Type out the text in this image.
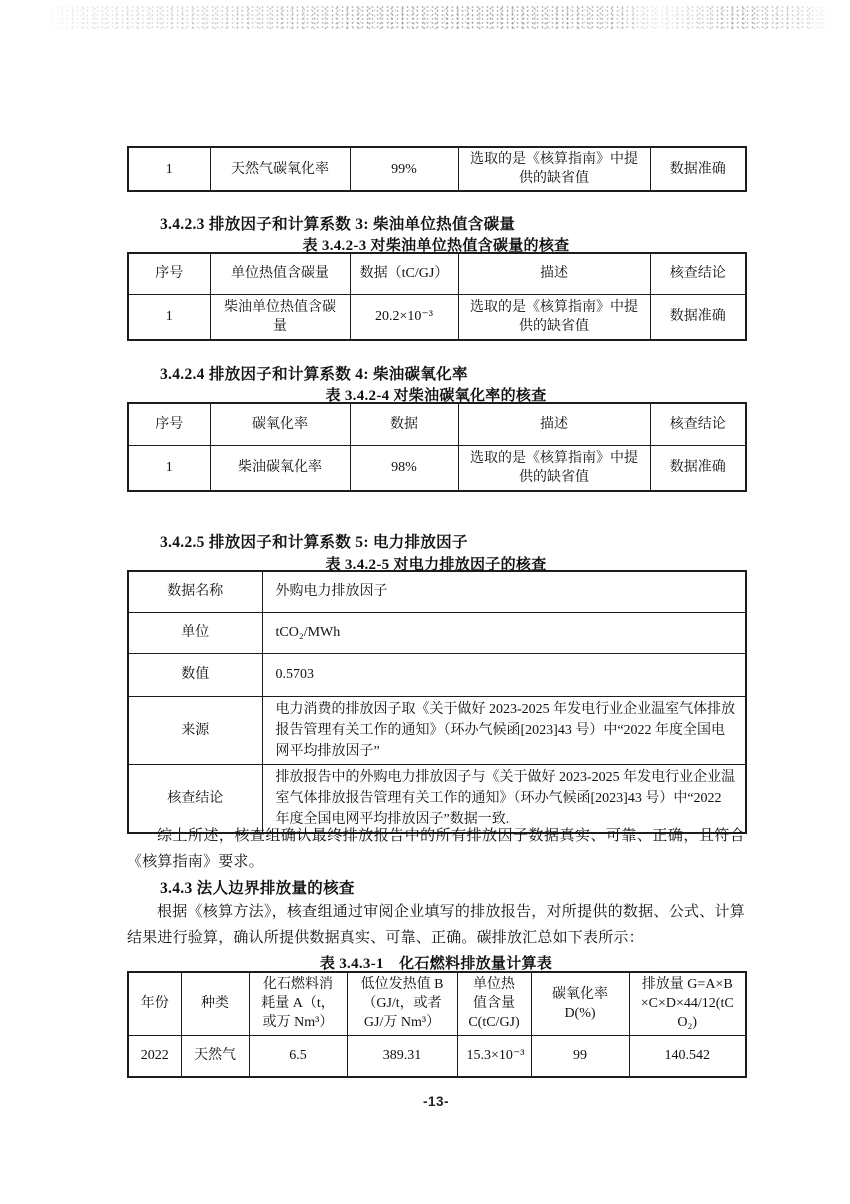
1	天然气碳氧化率	99%	选取的是《核算指南》中提供的缺省值	数据准确
3.4.2.3 排放因子和计算系数 3: 柴油单位热值含碳量
表 3.4.2-3 对柴油单位热值含碳量的核查
序号	单位热值含碳量	数据（tC/GJ）	描述	核查结论
1	柴油单位热值含碳量	20.2×10⁻³	选取的是《核算指南》中提供的缺省值	数据准确
3.4.2.4 排放因子和计算系数 4: 柴油碳氧化率
表 3.4.2-4 对柴油碳氧化率的核查
序号	碳氧化率	数据	描述	核查结论
1	柴油碳氧化率	98%	选取的是《核算指南》中提供的缺省值	数据准确
3.4.2.5 排放因子和计算系数 5: 电力排放因子
表 3.4.2-5 对电力排放因子的核查
数据名称	外购电力排放因子
单位	tCO₂/MWh
数值	0.5703
来源	电力消费的排放因子取《关于做好 2023-2025 年发电行业企业温室气体排放报告管理有关工作的通知》（环办气候函[2023]43 号）中“2022 年度全国电网平均排放因子”
核查结论	排放报告中的外购电力排放因子与《关于做好 2023-2025 年发电行业企业温室气体排放报告管理有关工作的通知》（环办气候函[2023]43 号）中“2022 年度全国电网平均排放因子”数据一致.
综上所述，核查组确认最终排放报告中的所有排放因子数据真实、可靠、正确，且符合《核算指南》要求。
3.4.3 法人边界排放量的核查
根据《核算方法》，核查组通过审阅企业填写的排放报告，对所提供的数据、公式、计算结果进行验算，确认所提供数据真实、可靠、正确。碳排放汇总如下表所示：
表 3.4.3-1　化石燃料排放量计算表
年份	种类	化石燃料消耗量 A（t，或万 Nm³）	低位发热值 B（GJ/t，或者 GJ/万 Nm³）	单位热值含量 C(tC/GJ)	碳氧化率 D(%)	排放量 G=A×B×C×D×44/12(tCO₂)
2022	天然气	6.5	389.31	15.3×10⁻³	99	140.542
-13-
